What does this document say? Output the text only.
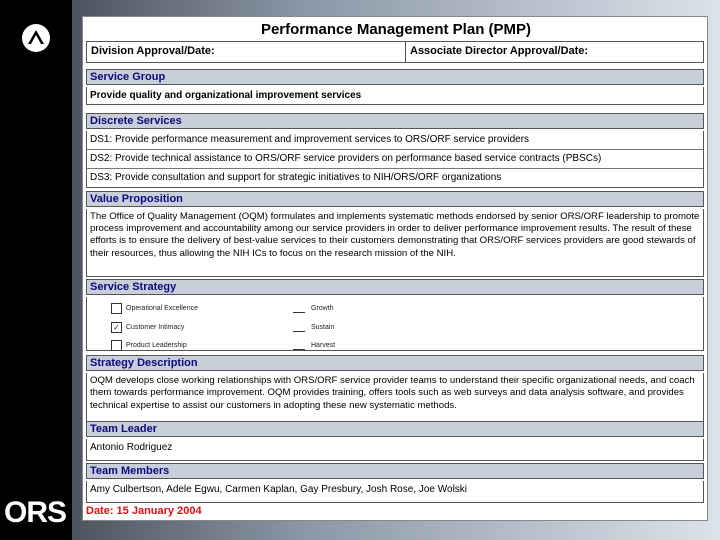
ORS
Performance Management Plan (PMP)
Division Approval/Date:	Associate Director Approval/Date:
Service Group
Provide quality and organizational improvement services
Discrete Services
DS1: Provide performance measurement and improvement services to ORS/ORF service providers
DS2: Provide technical assistance to ORS/ORF service providers on performance based service contracts (PBSCs)
DS3: Provide consultation and support for strategic initiatives to NIH/ORS/ORF organizations
Value Proposition
The Office of Quality Management (OQM) formulates and implements systematic methods endorsed by senior ORS/ORF leadership to promote process improvement and accountability among our service providers in order to deliver performance improvement results. The result of these efforts is to ensure the delivery of best-value services to their customers demonstrating that ORS/ORF services providers are good stewards of their resources, thus allowing the NIH ICs to focus on the research mission of the NIH.
Service Strategy
Operational Excellence
✓ Customer Intimacy
Product Leadership
Growth
Sustain
Harvest
Strategy Description
OQM develops close working relationships with ORS/ORF service provider teams to understand their specific organizational needs, and coach them towards performance improvement. OQM provides training, offers tools such as web surveys and data analysis software, and provides technical expertise to assist our customers in adopting these new systematic methods.
Team Leader
Antonio Rodriguez
Team Members
Amy Culbertson, Adele Egwu, Carmen Kaplan, Gay Presbury, Josh Rose, Joe Wolski
Date: 15 January 2004
